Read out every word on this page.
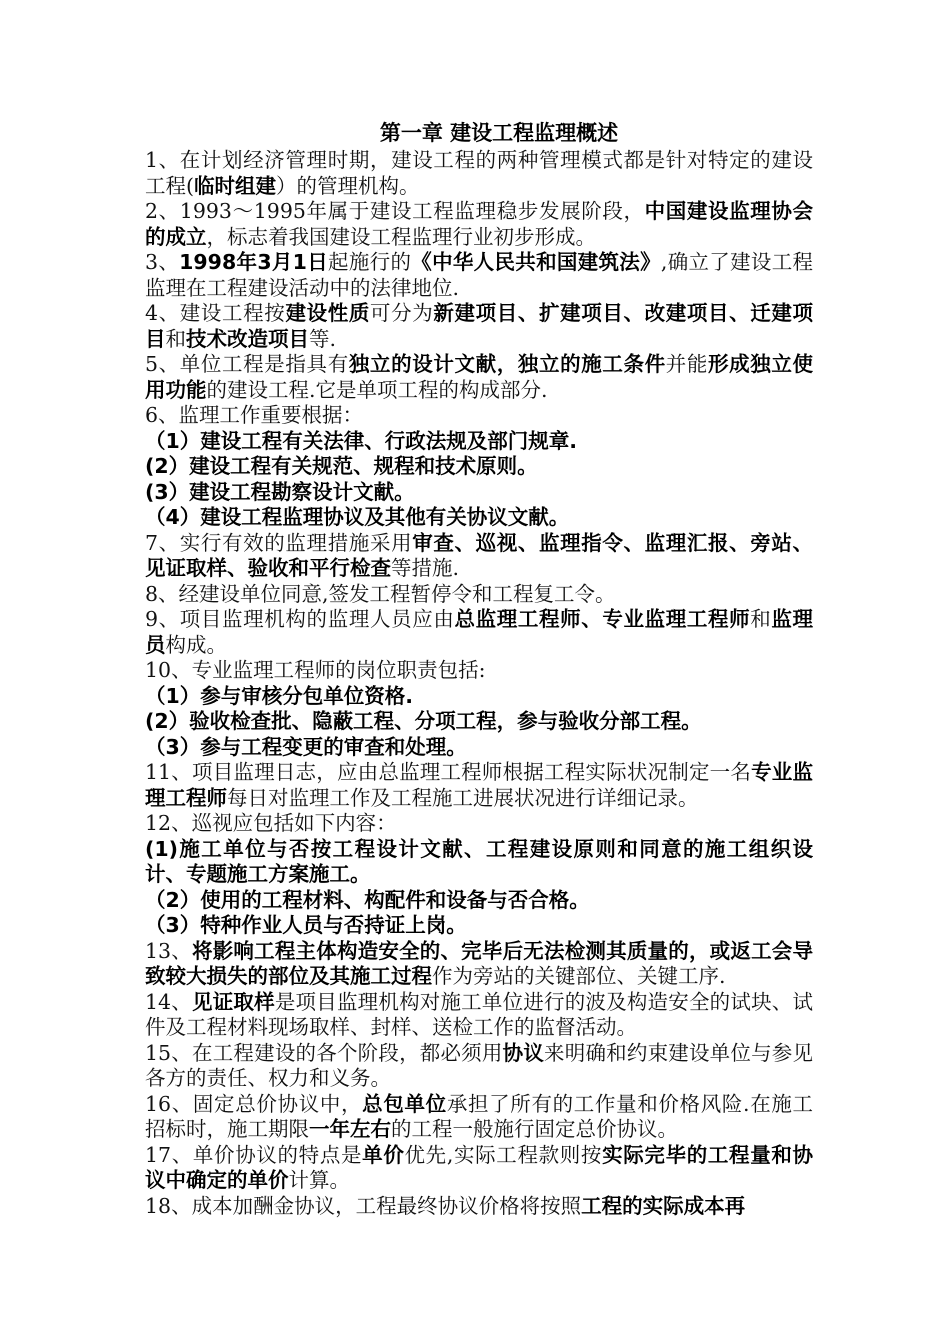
第一章 建设工程监理概述

1、在计划经济管理时期，建设工程的两种管理模式都是针对特定的建设工程(临时组建）的管理机构。

2、1993～1995年属于建设工程监理稳步发展阶段，中国建设监理协会的成立，标志着我国建设工程监理行业初步形成。

3、1998年3月1日起施行的《中华人民共和国建筑法》,确立了建设工程监理在工程建设活动中的法律地位.

4、建设工程按建设性质可分为新建项目、扩建项目、改建项目、迁建项目和技术改造项目等.

5、单位工程是指具有独立的设计文献，独立的施工条件并能形成独立使用功能的建设工程.它是单项工程的构成部分.

6、监理工作重要根据：

（1）建设工程有关法律、行政法规及部门规章.

(2）建设工程有关规范、规程和技术原则。

(3）建设工程勘察设计文献。

（4）建设工程监理协议及其他有关协议文献。

7、实行有效的监理措施采用审查、巡视、监理指令、监理汇报、旁站、见证取样、验收和平行检查等措施.

8、经建设单位同意,签发工程暂停令和工程复工令。

9、项目监理机构的监理人员应由总监理工程师、专业监理工程师和监理员构成。

10、专业监理工程师的岗位职责包括:

（1）参与审核分包单位资格.

(2）验收检查批、隐蔽工程、分项工程，参与验收分部工程。

（3）参与工程变更的审查和处理。

11、项目监理日志，应由总监理工程师根据工程实际状况制定一名专业监理工程师每日对监理工作及工程施工进展状况进行详细记录。

12、巡视应包括如下内容：

(1)施工单位与否按工程设计文献、工程建设原则和同意的施工组织设计、专题施工方案施工。

（2）使用的工程材料、构配件和设备与否合格。

（3）特种作业人员与否持证上岗。

13、将影响工程主体构造安全的、完毕后无法检测其质量的，或返工会导致较大损失的部位及其施工过程作为旁站的关键部位、关键工序.

14、见证取样是项目监理机构对施工单位进行的波及构造安全的试块、试件及工程材料现场取样、封样、送检工作的监督活动。

15、在工程建设的各个阶段，都必须用协议来明确和约束建设单位与参见各方的责任、权力和义务。

16、固定总价协议中，总包单位承担了所有的工作量和价格风险.在施工招标时，施工期限一年左右的工程一般施行固定总价协议。

17、单价协议的特点是单价优先,实际工程款则按实际完毕的工程量和协议中确定的单价计算。

18、成本加酬金协议，工程最终协议价格将按照工程的实际成本再
